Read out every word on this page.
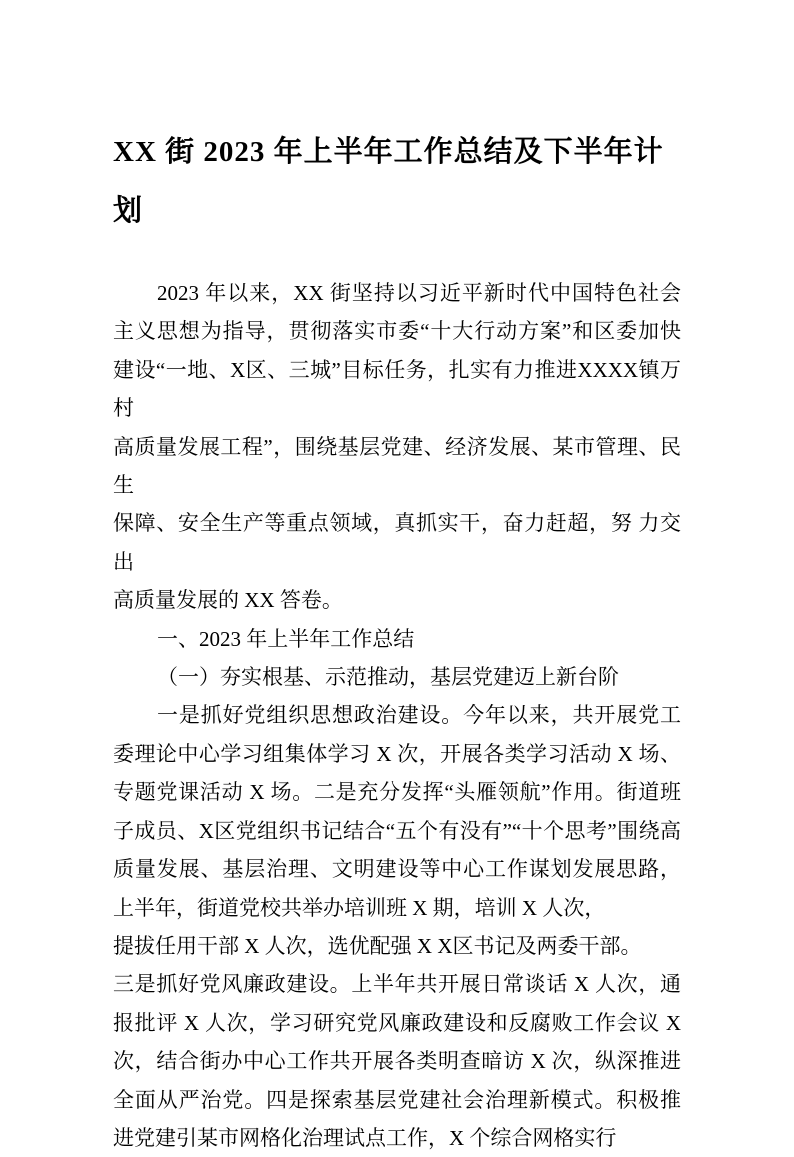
XX 街 2023 年上半年工作总结及下半年计
划
2023 年以来，XX 街坚持以习近平新时代中国特色社会
主义思想为指导，贯彻落实市委“十大行动方案”和区委加快
建设“一地、X区、三城”目标任务，扎实有力推进XXXX镇万村
高质量发展工程”，围绕基层党建、经济发展、某市管理、民生
保障、安全生产等重点领域，真抓实干，奋力赶超，努 力交出
高质量发展的 XX 答卷。
一、2023 年上半年工作总结
（一）夯实根基、示范推动，基层党建迈上新台阶
一是抓好党组织思想政治建设。今年以来，共开展党工
委理论中心学习组集体学习 X 次，开展各类学习活动 X 场、
专题党课活动 X 场。二是充分发挥“头雁领航”作用。街道班
子成员、X区党组织书记结合“五个有没有”“十个思考”围绕高
质量发展、基层治理、文明建设等中心工作谋划发展思路，
上半年，街道党校共举办培训班 X 期，培训 X 人次，
提拔任用干部 X 人次，选优配强 X X区书记及两委干部。
三是抓好党风廉政建设。上半年共开展日常谈话 X 人次，通
报批评 X 人次，学习研究党风廉政建设和反腐败工作会议 X
次，结合街办中心工作共开展各类明查暗访 X 次，纵深推进
全面从严治党。四是探索基层党建社会治理新模式。积极推
进党建引某市网格化治理试点工作，X 个综合网格实行
